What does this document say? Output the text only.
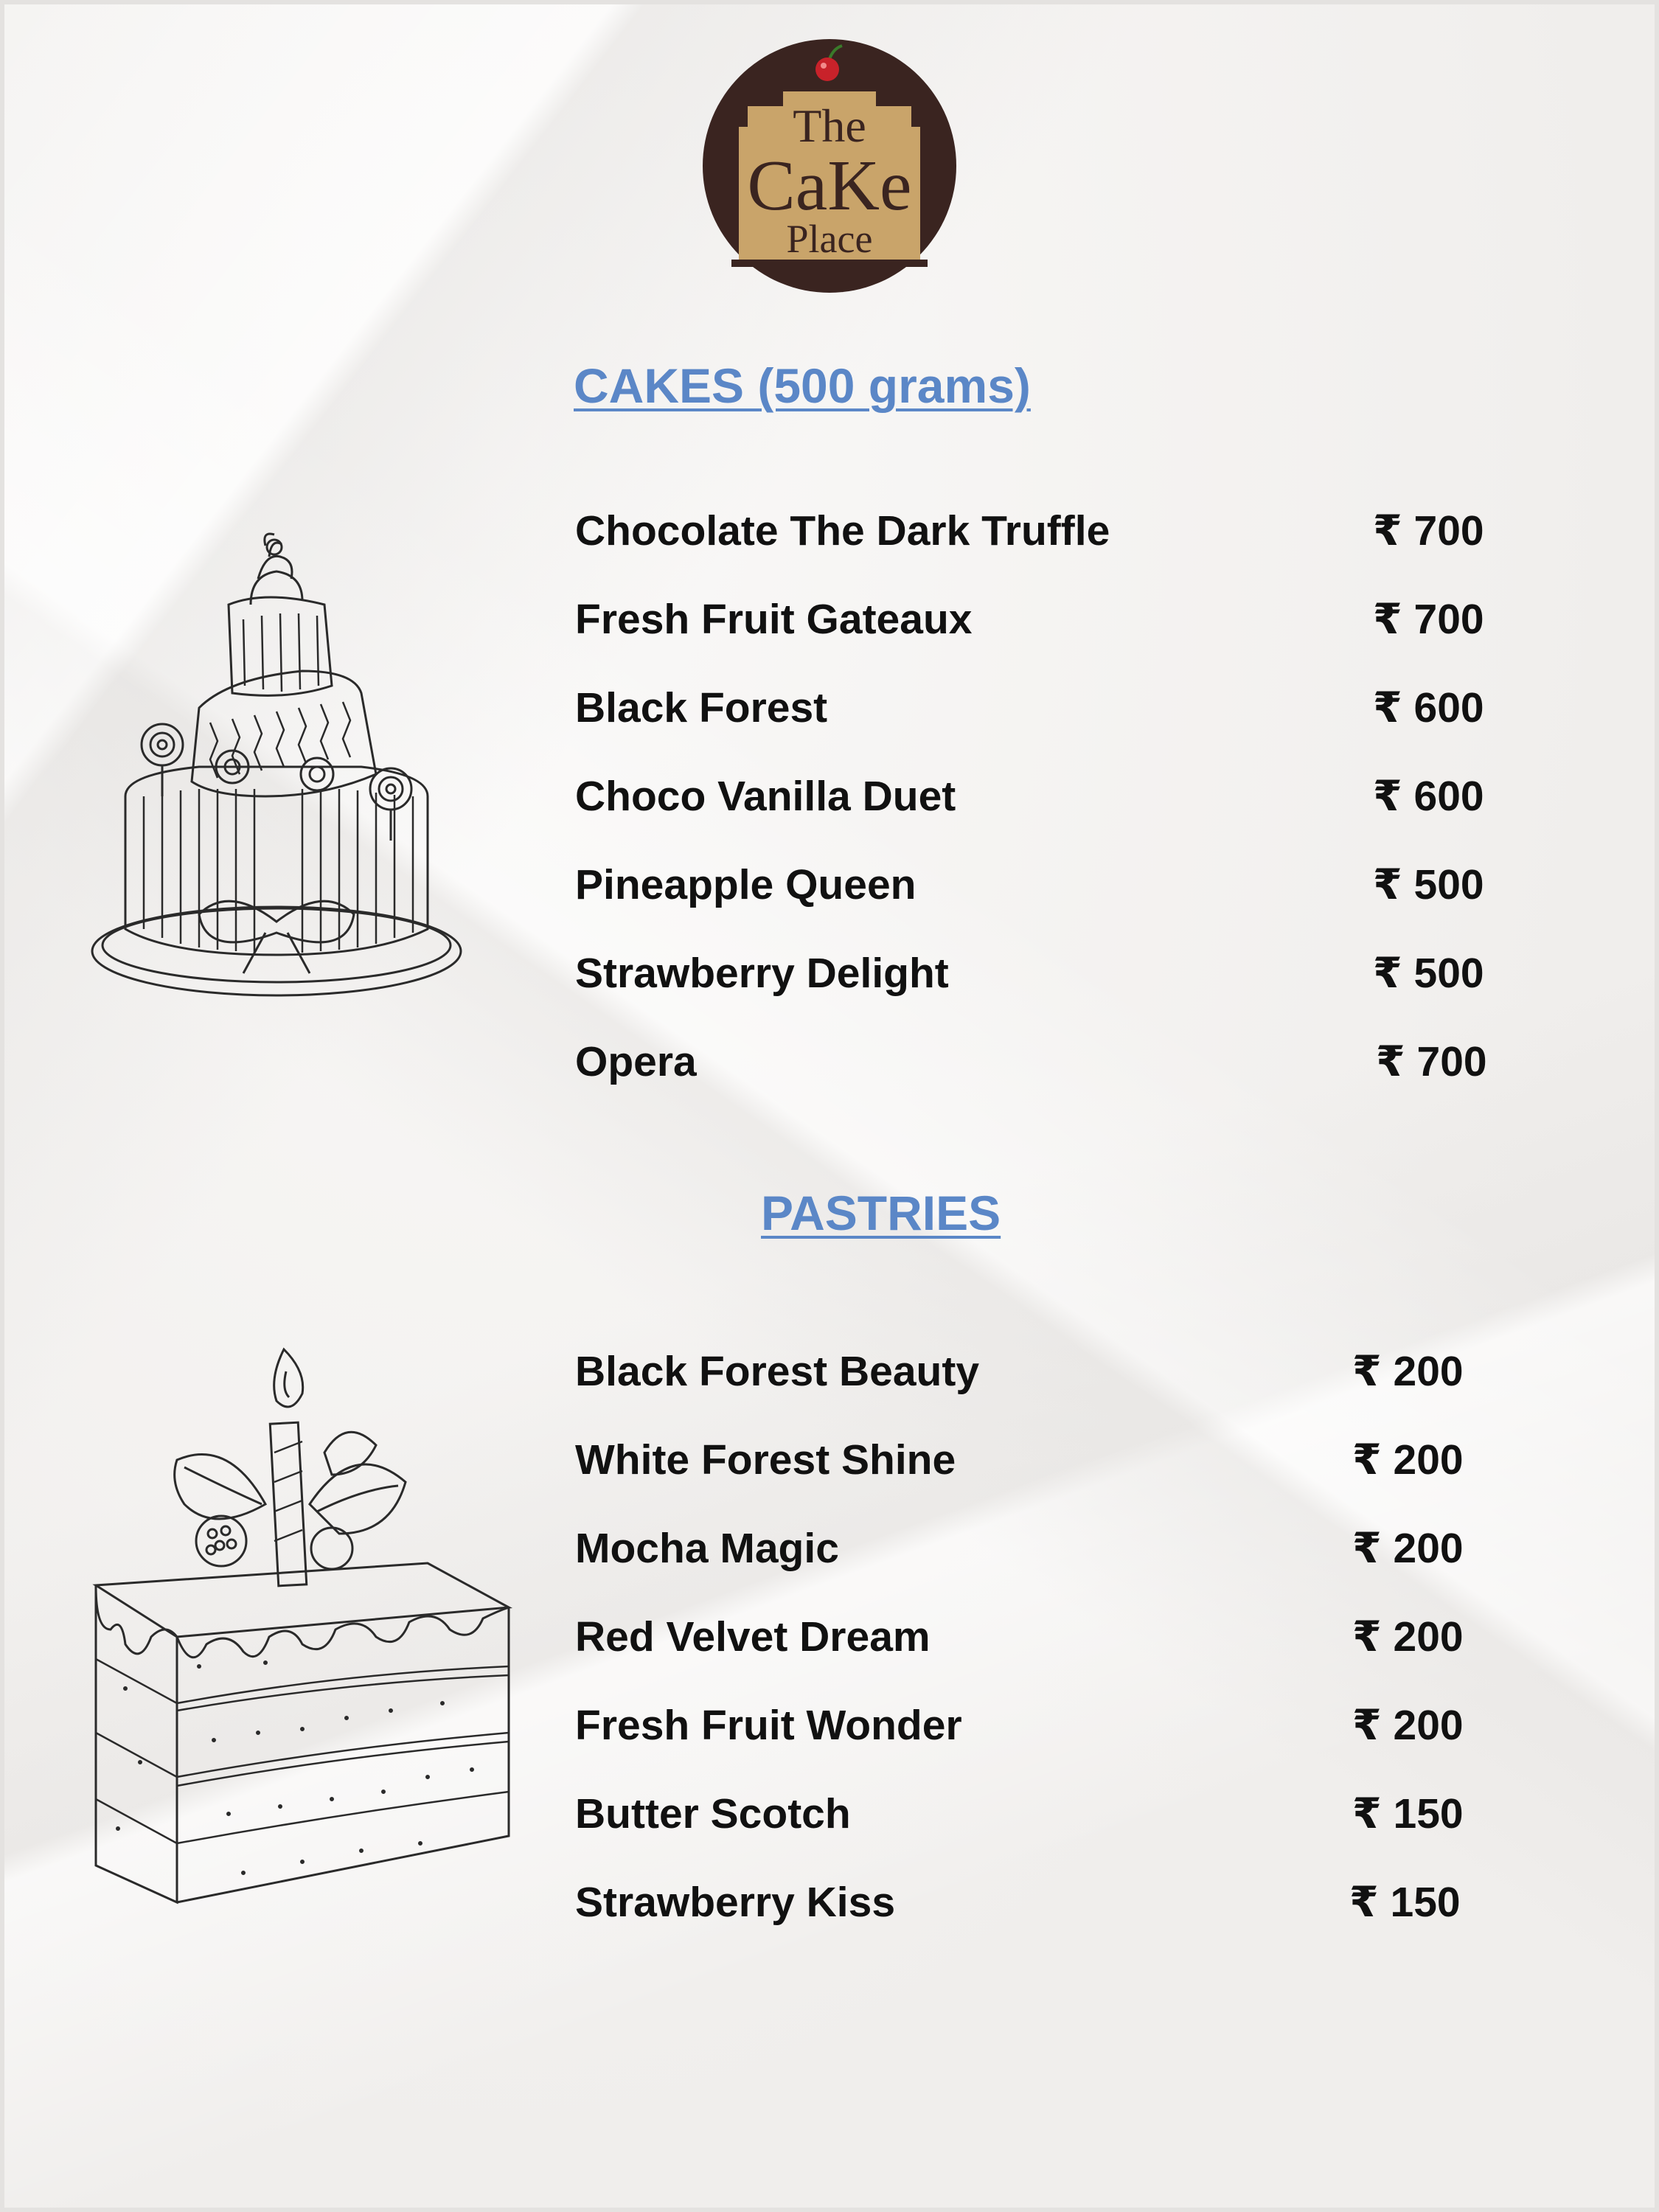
The
CaKe
Place
CAKES (500 grams)
Chocolate The Dark Truffle	₹ 700
Fresh Fruit Gateaux	₹ 700
Black Forest	₹ 600
Choco Vanilla Duet	₹ 600
Pineapple Queen	₹ 500
Strawberry Delight	₹ 500
Opera	₹ 700
PASTRIES
Black Forest Beauty	₹ 200
White Forest Shine	₹ 200
Mocha Magic	₹ 200
Red Velvet Dream	₹ 200
Fresh Fruit Wonder	₹ 200
Butter Scotch	₹ 150
Strawberry Kiss	₹ 150
